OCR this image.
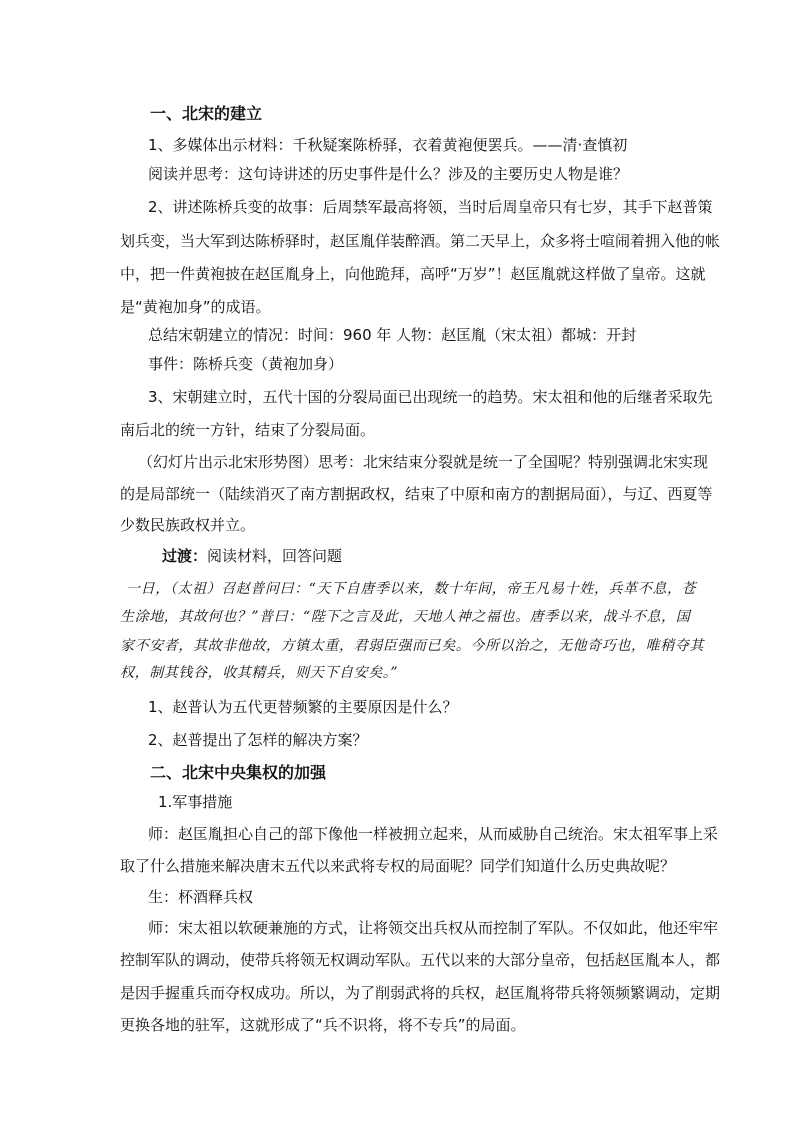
一、北宋的建立
1、多媒体出示材料：千秋疑案陈桥驿，衣着黄袍便罢兵。——清·查慎初
阅读并思考：这句诗讲述的历史事件是什么？涉及的主要历史人物是谁？
2、讲述陈桥兵变的故事：后周禁军最高将领，当时后周皇帝只有七岁，其手下赵普策
划兵变，当大军到达陈桥驿时，赵匡胤佯装醉酒。第二天早上，众多将士喧闹着拥入他的帐
中，把一件黄袍披在赵匡胤身上，向他跪拜，高呼“万岁”！赵匡胤就这样做了皇帝。这就
是“黄袍加身”的成语。
总结宋朝建立的情况：时间：960 年 人物：赵匡胤（宋太祖）都城：开封
事件：陈桥兵变（黄袍加身）
3、宋朝建立时，五代十国的分裂局面已出现统一的趋势。宋太祖和他的后继者采取先
南后北的统一方针，结束了分裂局面。
（幻灯片出示北宋形势图）思考：北宋结束分裂就是统一了全国呢？特别强调北宋实现
的是局部统一（陆续消灭了南方割据政权，结束了中原和南方的割据局面），与辽、西夏等
少数民族政权并立。
过渡：阅读材料，回答问题
一日，（太祖）召赵普问曰：“天下自唐季以来，数十年间，帝王凡易十姓，兵革不息，苍
生涂地，其故何也？”普曰：“陛下之言及此，天地人神之福也。唐季以来，战斗不息，国
家不安者，其故非他故，方镇太重，君弱臣强而已矣。今所以治之，无他奇巧也，唯稍夺其
权，制其钱谷，收其精兵，则天下自安矣。”
1、赵普认为五代更替频繁的主要原因是什么？
2、赵普提出了怎样的解决方案？
二、北宋中央集权的加强
1.军事措施
师：赵匡胤担心自己的部下像他一样被拥立起来，从而威胁自己统治。宋太祖军事上采
取了什么措施来解决唐末五代以来武将专权的局面呢？同学们知道什么历史典故呢？
生：杯酒释兵权
师：宋太祖以软硬兼施的方式，让将领交出兵权从而控制了军队。不仅如此，他还牢牢
控制军队的调动，使带兵将领无权调动军队。五代以来的大部分皇帝，包括赵匡胤本人，都
是因手握重兵而夺权成功。所以，为了削弱武将的兵权，赵匡胤将带兵将领频繁调动，定期
更换各地的驻军，这就形成了“兵不识将，将不专兵”的局面。
